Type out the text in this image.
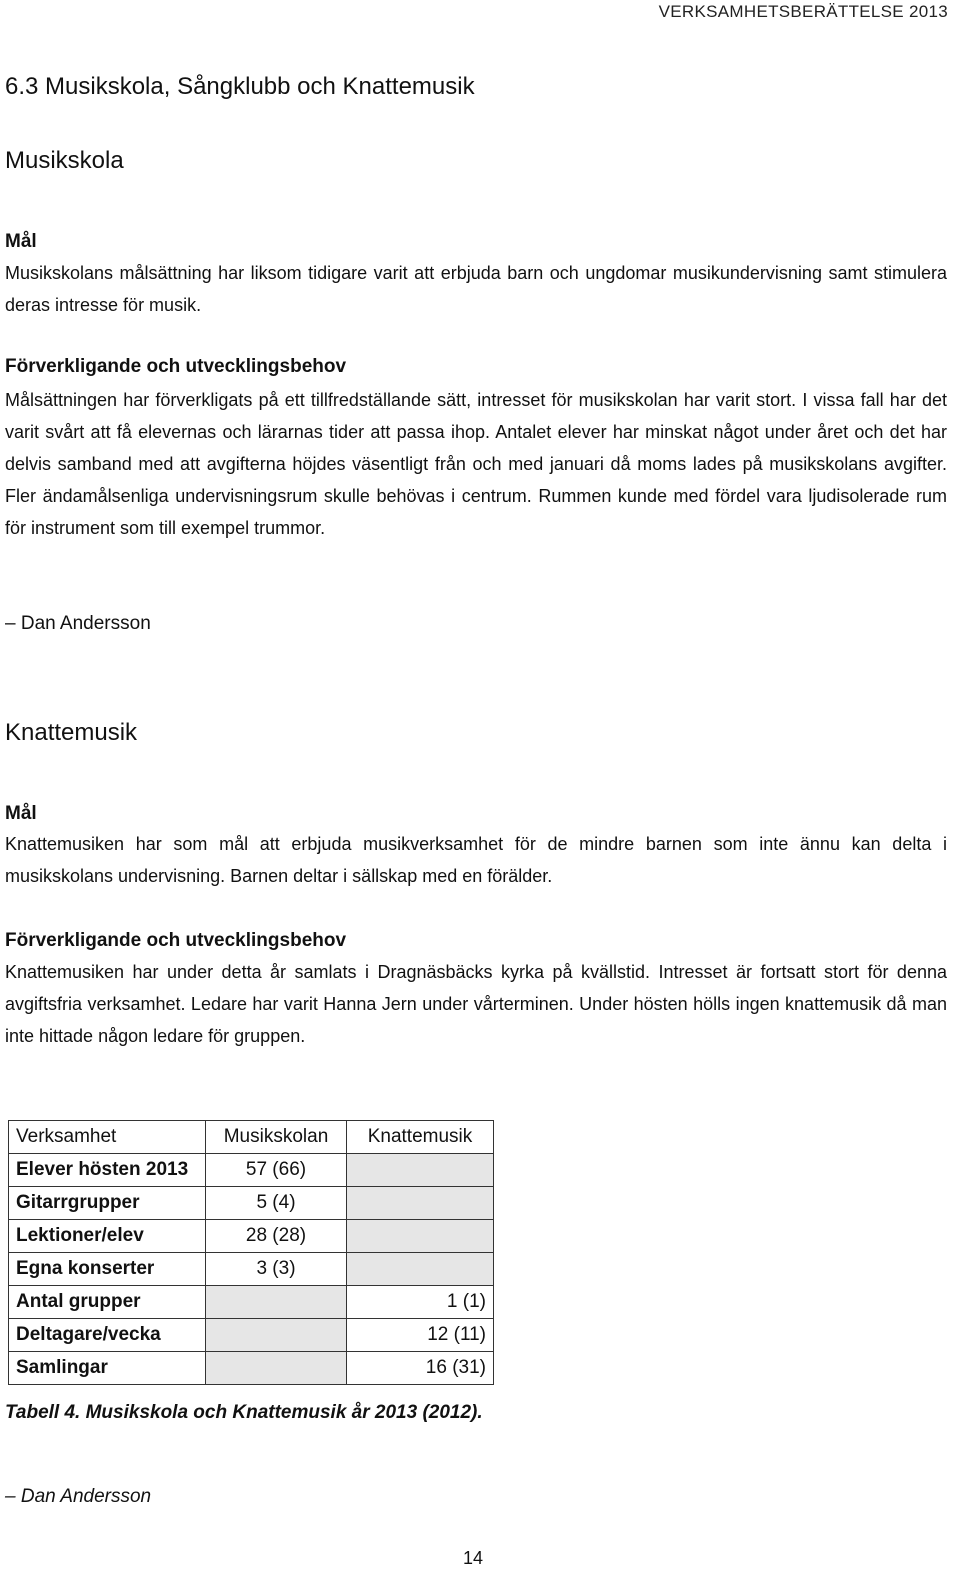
VERKSAMHETSBERÄTTELSE 2013
6.3 Musikskola, Sångklubb och Knattemusik
Musikskola
Mål
Musikskolans målsättning har liksom tidigare varit att erbjuda barn och ungdomar musikundervisning samt stimulera deras intresse för musik.
Förverkligande och utvecklingsbehov
Målsättningen har förverkligats på ett tillfredställande sätt, intresset för musikskolan har varit stort. I vissa fall har det varit svårt att få elevernas och lärarnas tider att passa ihop. Antalet elever har minskat något under året och det har delvis samband med att avgifterna höjdes väsentligt från och med januari då moms lades på musikskolans avgifter. Fler ändamålsenliga undervisningsrum skulle behövas i centrum. Rummen kunde med fördel vara ljudisolerade rum för instrument som till exempel trummor.
– Dan Andersson
Knattemusik
Mål
Knattemusiken har som mål att erbjuda musikverksamhet för de mindre barnen som inte ännu kan delta i musikskolans undervisning. Barnen deltar i sällskap med en förälder.
Förverkligande och utvecklingsbehov
Knattemusiken har under detta år samlats i Dragnäsbäcks kyrka på kvällstid. Intresset är fortsatt stort för denna avgiftsfria verksamhet. Ledare har varit Hanna Jern under vårterminen. Under hösten hölls ingen knattemusik då man inte hittade någon ledare för gruppen.
Verksamhet	Musikskolan	Knattemusik
Elever hösten 2013	57 (66)	
Gitarrgrupper	5 (4)	
Lektioner/elev	28 (28)	
Egna konserter	3 (3)	
Antal grupper		1 (1)
Deltagare/vecka		12 (11)
Samlingar		16 (31)
Tabell 4. Musikskola och Knattemusik år 2013 (2012).
– Dan Andersson
14
